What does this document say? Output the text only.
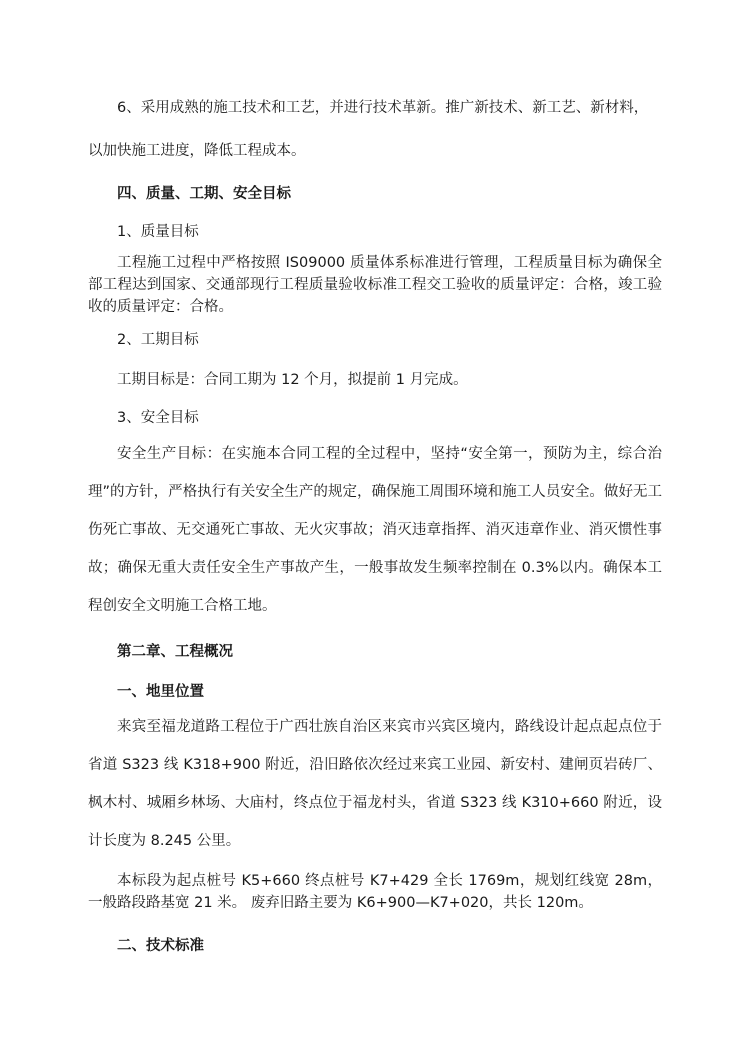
6、采用成熟的施工技术和工艺，并进行技术革新。推广新技术、新工艺、新材料，

以加快施工进度，降低工程成本。

四、质量、工期、安全目标

1、质量目标

工程施工过程中严格按照 IS09000 质量体系标准进行管理，工程质量目标为确保全部工程达到国家、交通部现行工程质量验收标准工程交工验收的质量评定：合格，竣工验收的质量评定：合格。

2、工期目标

工期目标是：合同工期为 12 个月，拟提前 1 月完成。

3、安全目标

安全生产目标：在实施本合同工程的全过程中，坚持“安全第一，预防为主，综合治理”的方针，严格执行有关安全生产的规定，确保施工周围环境和施工人员安全。做好无工伤死亡事故、无交通死亡事故、无火灾事故；消灭违章指挥、消灭违章作业、消灭惯性事故；确保无重大责任安全生产事故产生，一般事故发生频率控制在 0.3%以内。确保本工程创安全文明施工合格工地。

第二章、工程概况

一、地里位置

来宾至福龙道路工程位于广西壮族自治区来宾市兴宾区境内，路线设计起点起点位于省道 S323 线 K318+900 附近，沿旧路依次经过来宾工业园、新安村、建闸页岩砖厂、枫木村、城厢乡林场、大庙村，终点位于福龙村头，省道 S323 线 K310+660 附近，设计长度为 8.245 公里。

本标段为起点桩号 K5+660 终点桩号 K7+429 全长 1769m，规划红线宽 28m，一般路段路基宽 21 米。 废弃旧路主要为 K6+900—K7+020，共长 120m。

二、技术标准
